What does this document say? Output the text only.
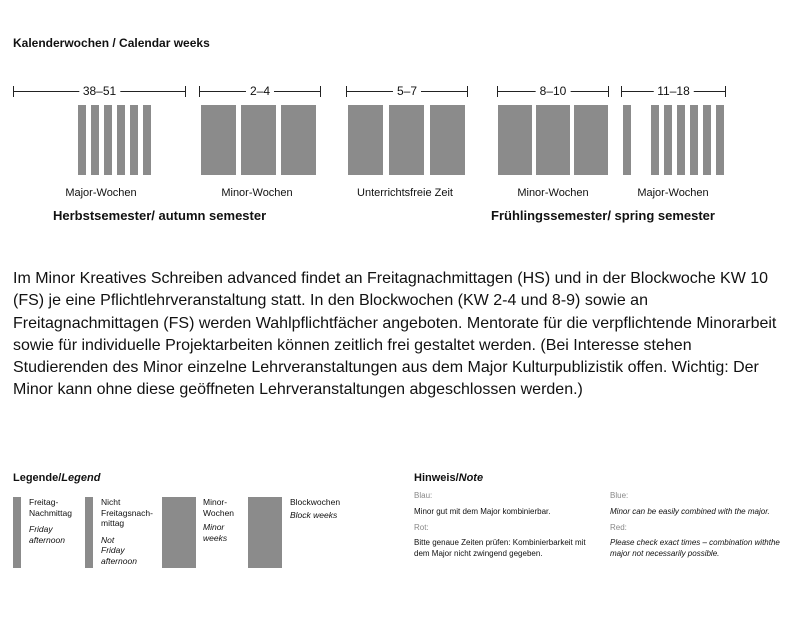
Kalenderwochen / Calendar weeks
38–51	2–4	5–7	8–10	11–18
Major-Wochen	Minor-Wochen	Unterrichtsfreie Zeit	Minor-Wochen	Major-Wochen
Herbstsemester/ autumn semester	Frühlingssemester/ spring semester
Im Minor Kreatives Schreiben advanced findet an Freitagnachmittagen (HS) und in der Blockwoche KW 10 (FS) je eine Pflichtlehrveranstaltung statt. In den Blockwochen (KW 2-4 und 8-9) sowie an Freitagnachmittagen (FS) werden Wahlpflichtfächer angeboten. Mentorate für die verpflichtende Minorarbeit sowie für individuelle Projektarbeiten können zeitlich frei gestaltet werden. (Bei Interesse stehen Studierenden des Minor einzelne Lehrveranstaltungen aus dem Major Kulturpublizistik offen. Wichtig: Der Minor kann ohne diese geöffneten Lehrveranstaltungen abgeschlossen werden.)
Legende/Legend
Freitag-Nachmittag
Friday afternoon
Nicht Freitagsnach-mittag
Not Friday afternoon
Minor-Wochen
Minor weeks
Blockwochen
Block weeks
Hinweis/Note
Blau:
Minor gut mit dem Major kombinierbar.
Rot:
Bitte genaue Zeiten prüfen: Kombinierbarkeit mit dem Major nicht zwingend gegeben.
Blue:
Minor can be easily combined with the major.
Red:
Please check exact times – combination withthe major not necessarily possible.
